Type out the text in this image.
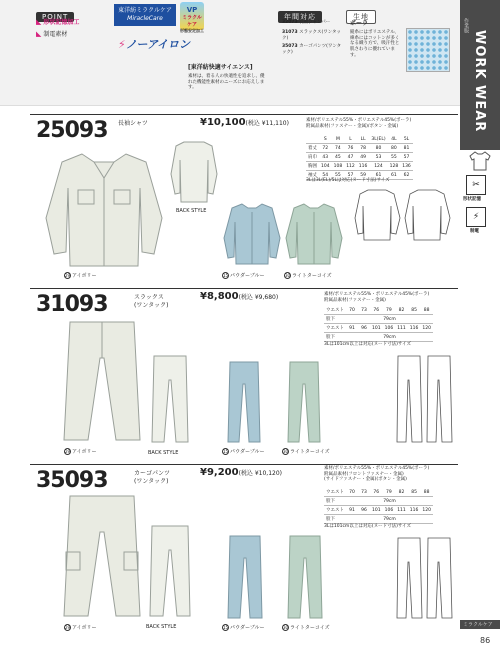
POINT
◣ 形状記憶加工
◣ 制電素材
東洋紡ミラクルケア
MiracleCare
VP
ミラクルケア
形態安定加工
⚡ノーアイロン
[東洋紡快適サイエンス]
素材は、着る人の快適性を追求し、優れた機能性素材のニーズにお応えします。
年間対応
32073 長袖ジャンパー
31073 スラックス(ワンタック)
35073 カーゴパンツ(ワンタック)
生地
ポーラ
縦糸にはポリエステル、緯糸にはコットンが多くなる織り方で、吸汗性と肌さわりに優れています。
作業服
WORK WEAR
✂
形状記憶
⚡
制電
ミラクルケア
86
25093 長袖シャツ	¥10,100(税込 ¥11,110)	素材/ポリエステル55%・ポリエステル45%(ポーラ)
附属品素材(ファスナー・金属)/ボタン・金属)
	S	M	L	LL	3L(EL)	4L	5L
着丈	72	74	76	78	80	80	81
肩巾	43	45	47	49	53	55	57
胸囲	104	108	112	116	124	128	136
袖丈	54	55	57	59	61	61	62
3Lは3L(EL)/5Lは対応(ヌード寸法)サイズ
29 アイボリー
BACK STYLE
15 パウダーブルー	30 ライトターコイズ
31093	スラックス
(ワンタック)
¥8,800(税込 ¥9,680)	素材/ポリエステル55%・ポリエステル45%(ポーラ)
附属品素材(ファスナー・金属)
ウエスト	70	73	76	79	82	85	88
股下	79cm						
ウエスト	91	96	101	106	111	116	120
股下	79cm						
3Lは101cm以上は対応(ヌード寸法)サイズ
29 アイボリー	BACK STYLE	15 パウダーブルー	30 ライトターコイズ
35093	カーゴパンツ
(ワンタック)
¥9,200(税込 ¥10,120)
素材/ポリエステル55%・ポリエステル45%(ポーラ)
附属品素材(フロントファスナー・金属)
(サイドファスナー・金属)(ボタン・金属)
ウエスト	70	73	76	79	82	85	88
股下	79cm						
ウエスト	91	96	101	106	111	116	120
股下	79cm						
3Lは101cm以上は対応(ヌード寸法)サイズ
29 アイボリー	BACK STYLE	15 パウダーブルー	30 ライトターコイズ
